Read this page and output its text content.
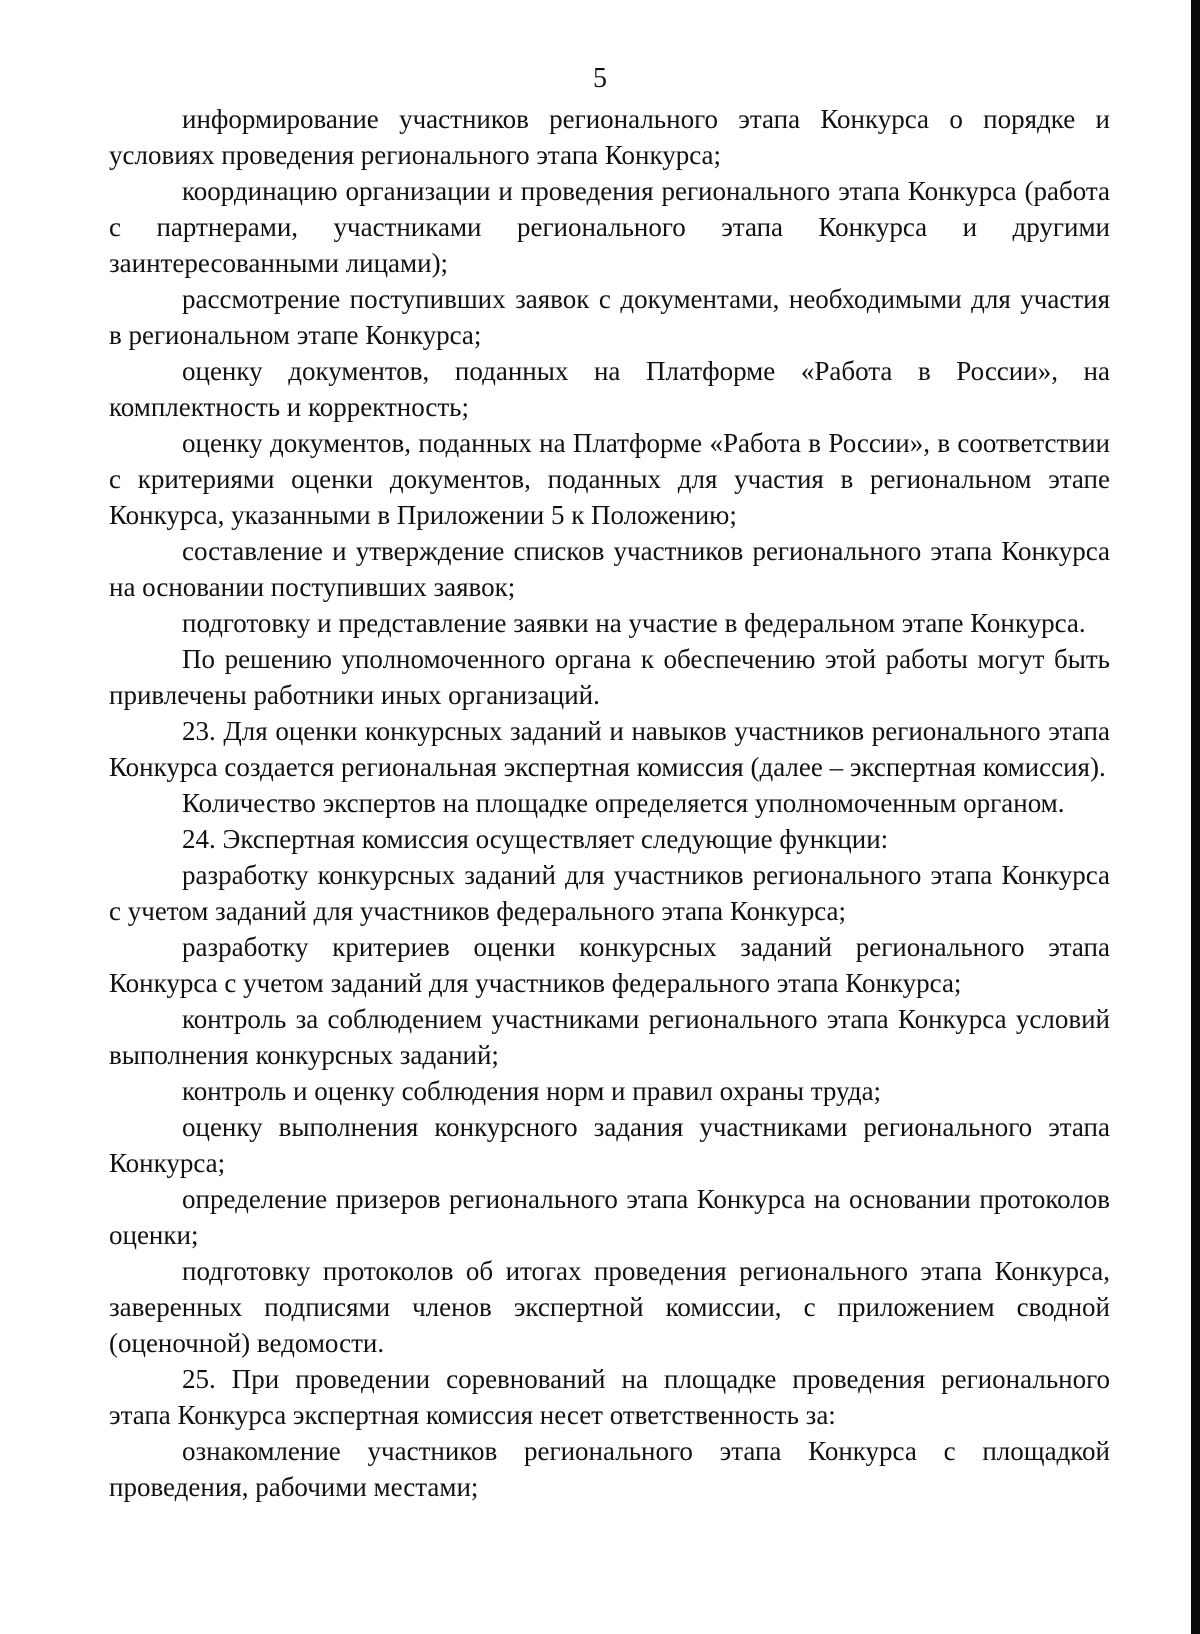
5

информирование участников регионального этапа Конкурса о порядке и условиях проведения регионального этапа Конкурса;

координацию организации и проведения регионального этапа Конкурса (работа с партнерами, участниками регионального этапа Конкурса и другими заинтересованными лицами);

рассмотрение поступивших заявок с документами, необходимыми для участия в региональном этапе Конкурса;

оценку документов, поданных на Платформе «Работа в России», на комплектность и корректность;

оценку документов, поданных на Платформе «Работа в России», в соответствии с критериями оценки документов, поданных для участия в региональном этапе Конкурса, указанными в Приложении 5 к Положению;

составление и утверждение списков участников регионального этапа Конкурса на основании поступивших заявок;

подготовку и представление заявки на участие в федеральном этапе Конкурса.

По решению уполномоченного органа к обеспечению этой работы могут быть привлечены работники иных организаций.

23. Для оценки конкурсных заданий и навыков участников регионального этапа Конкурса создается региональная экспертная комиссия (далее – экспертная комиссия).

Количество экспертов на площадке определяется уполномоченным органом.

24. Экспертная комиссия осуществляет следующие функции:

разработку конкурсных заданий для участников регионального этапа Конкурса с учетом заданий для участников федерального этапа Конкурса;

разработку критериев оценки конкурсных заданий регионального этапа Конкурса с учетом заданий для участников федерального этапа Конкурса;

контроль за соблюдением участниками регионального этапа Конкурса условий выполнения конкурсных заданий;

контроль и оценку соблюдения норм и правил охраны труда;

оценку выполнения конкурсного задания участниками регионального этапа Конкурса;

определение призеров регионального этапа Конкурса на основании протоколов оценки;

подготовку протоколов об итогах проведения регионального этапа Конкурса, заверенных подписями членов экспертной комиссии, с приложением сводной (оценочной) ведомости.

25. При проведении соревнований на площадке проведения регионального этапа Конкурса экспертная комиссия несет ответственность за:

ознакомление участников регионального этапа Конкурса с площадкой проведения, рабочими местами;
